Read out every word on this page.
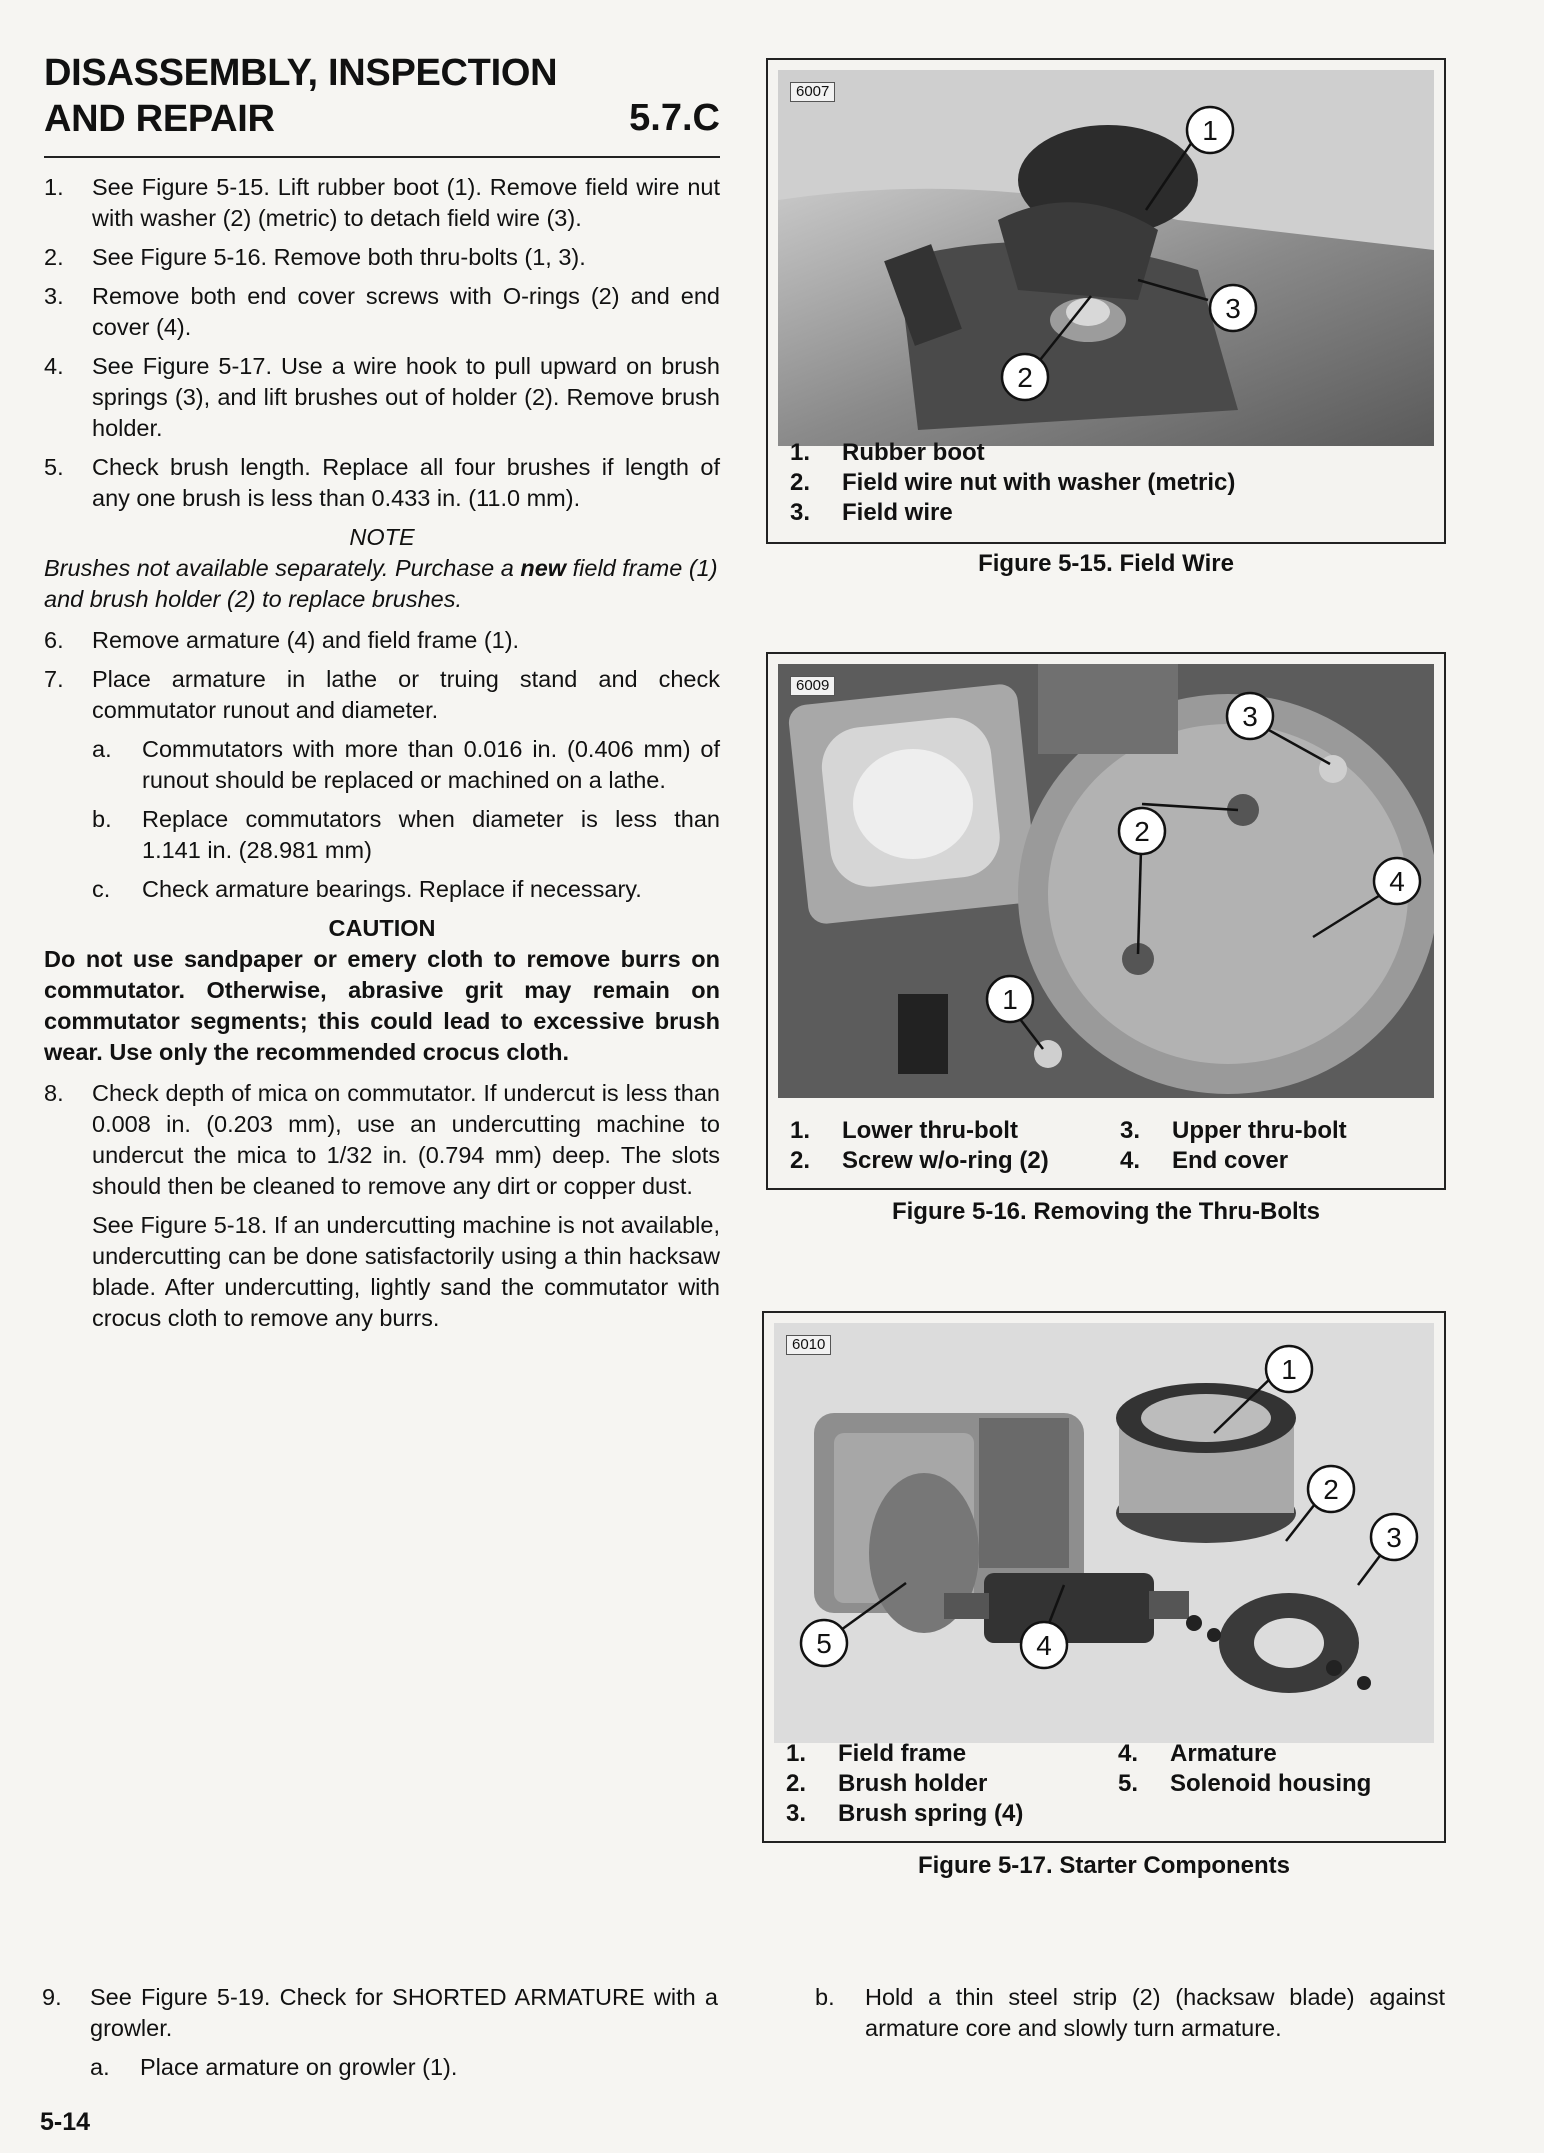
DISASSEMBLY, INSPECTION
AND REPAIR	5.7.C
1. See Figure 5-15. Lift rubber boot (1). Remove field wire nut with washer (2) (metric) to detach field wire (3).
2. See Figure 5-16. Remove both thru-bolts (1, 3).
3. Remove both end cover screws with O-rings (2) and end cover (4).
4. See Figure 5-17. Use a wire hook to pull upward on brush springs (3), and lift brushes out of holder (2). Remove brush holder.
5. Check brush length. Replace all four brushes if length of any one brush is less than 0.433 in. (11.0 mm).
NOTE
Brushes not available separately. Purchase a new field frame (1) and brush holder (2) to replace brushes.
6. Remove armature (4) and field frame (1).
7. Place armature in lathe or truing stand and check commutator runout and diameter.
a. Commutators with more than 0.016 in. (0.406 mm) of runout should be replaced or machined on a lathe.
b. Replace commutators when diameter is less than 1.141 in. (28.981 mm)
c. Check armature bearings. Replace if necessary.
CAUTION
Do not use sandpaper or emery cloth to remove burrs on commutator. Otherwise, abrasive grit may remain on commutator segments; this could lead to excessive brush wear. Use only the recommended crocus cloth.
8. Check depth of mica on commutator. If undercut is less than 0.008 in. (0.203 mm), use an undercutting machine to undercut the mica to 1/32 in. (0.794 mm) deep. The slots should then be cleaned to remove any dirt or copper dust.
See Figure 5-18. If an undercutting machine is not available, undercutting can be done satisfactorily using a thin hacksaw blade. After undercutting, lightly sand the commutator with crocus cloth to remove any burrs.
6007
1
2
3
1. Rubber boot
2. Field wire nut with washer (metric)
3. Field wire
Figure 5-15. Field Wire
6009
1
2
3
4
1. Lower thru-bolt
2. Screw w/o-ring (2)
3. Upper thru-bolt
4. End cover
Figure 5-16. Removing the Thru-Bolts
6010
1
2
3
4
5
1. Field frame
2. Brush holder
3. Brush spring (4)
4. Armature
5. Solenoid housing
Figure 5-17. Starter Components
9. See Figure 5-19. Check for SHORTED ARMATURE with a growler.
a. Place armature on growler (1).
b. Hold a thin steel strip (2) (hacksaw blade) against armature core and slowly turn armature.
5-14
